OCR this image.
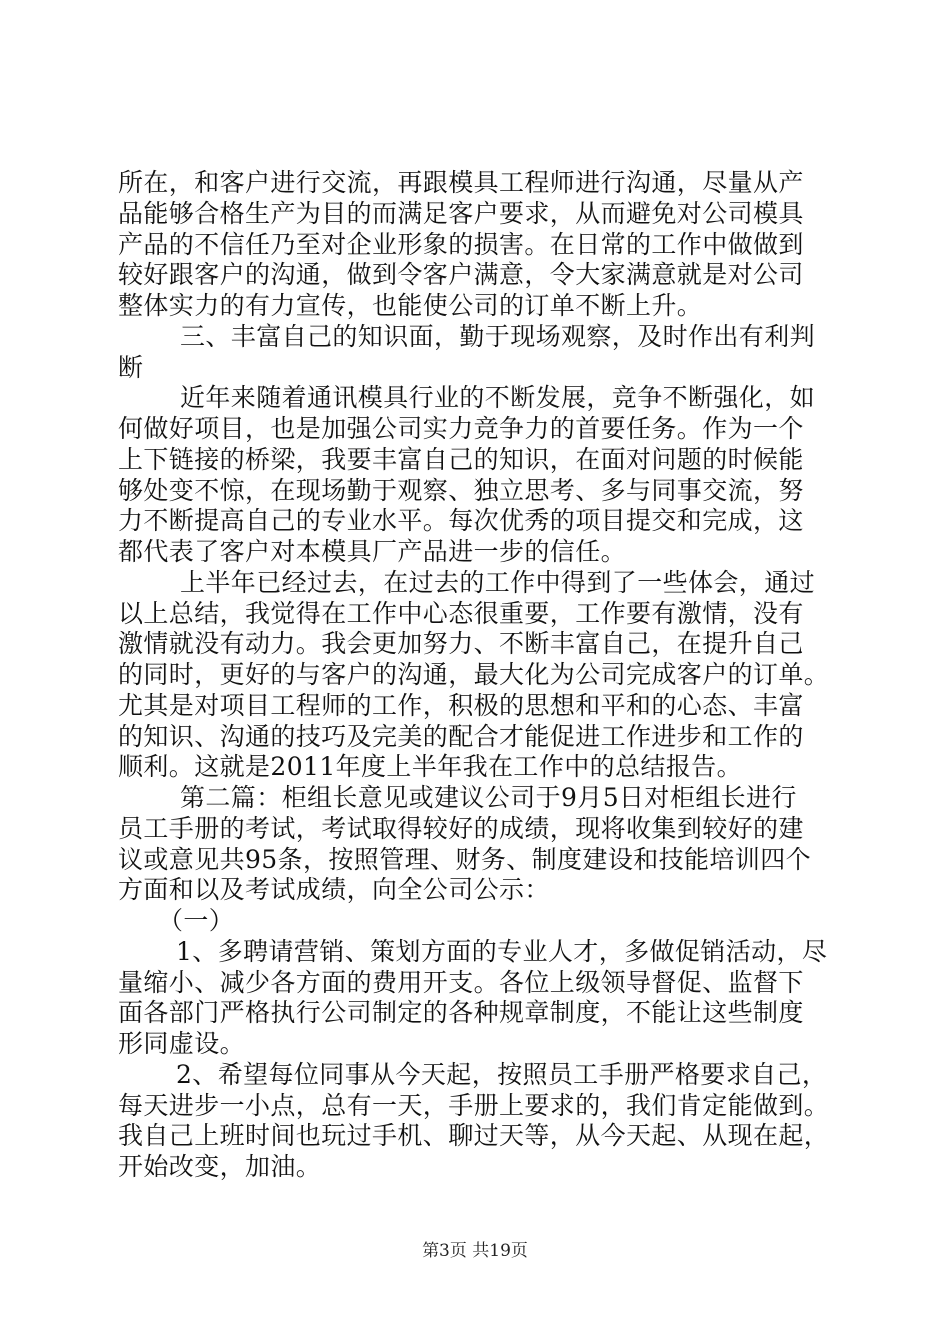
所在，和客户进行交流，再跟模具工程师进行沟通，尽量从产
品能够合格生产为目的而满足客户要求，从而避免对公司模具
产品的不信任乃至对企业形象的损害。在日常的工作中做做到
较好跟客户的沟通，做到令客户满意，令大家满意就是对公司
整体实力的有力宣传，也能使公司的订单不断上升。
三、丰富自己的知识面，勤于现场观察，及时作出有利判
断
近年来随着通讯模具行业的不断发展，竞争不断强化，如
何做好项目，也是加强公司实力竞争力的首要任务。作为一个
上下链接的桥梁，我要丰富自己的知识，在面对问题的时候能
够处变不惊，在现场勤于观察、独立思考、多与同事交流，努
力不断提高自己的专业水平。每次优秀的项目提交和完成，这
都代表了客户对本模具厂产品进一步的信任。
上半年已经过去，在过去的工作中得到了一些体会，通过
以上总结，我觉得在工作中心态很重要，工作要有激情，没有
激情就没有动力。我会更加努力、不断丰富自己，在提升自己
的同时，更好的与客户的沟通，最大化为公司完成客户的订单。
尤其是对项目工程师的工作，积极的思想和平和的心态、丰富
的知识、沟通的技巧及完美的配合才能促进工作进步和工作的
顺利。这就是2011年度上半年我在工作中的总结报告。
第二篇：柜组长意见或建议公司于9月5日对柜组长进行
员工手册的考试，考试取得较好的成绩，现将收集到较好的建
议或意见共95条，按照管理、财务、制度建设和技能培训四个
方面和以及考试成绩，向全公司公示：
（一）
1、多聘请营销、策划方面的专业人才，多做促销活动，尽
量缩小、减少各方面的费用开支。各位上级领导督促、监督下
面各部门严格执行公司制定的各种规章制度，不能让这些制度
形同虚设。
2、希望每位同事从今天起，按照员工手册严格要求自己，
每天进步一小点，总有一天，手册上要求的，我们肯定能做到。
我自己上班时间也玩过手机、聊过天等，从今天起、从现在起，
开始改变，加油。
第3页 共19页
